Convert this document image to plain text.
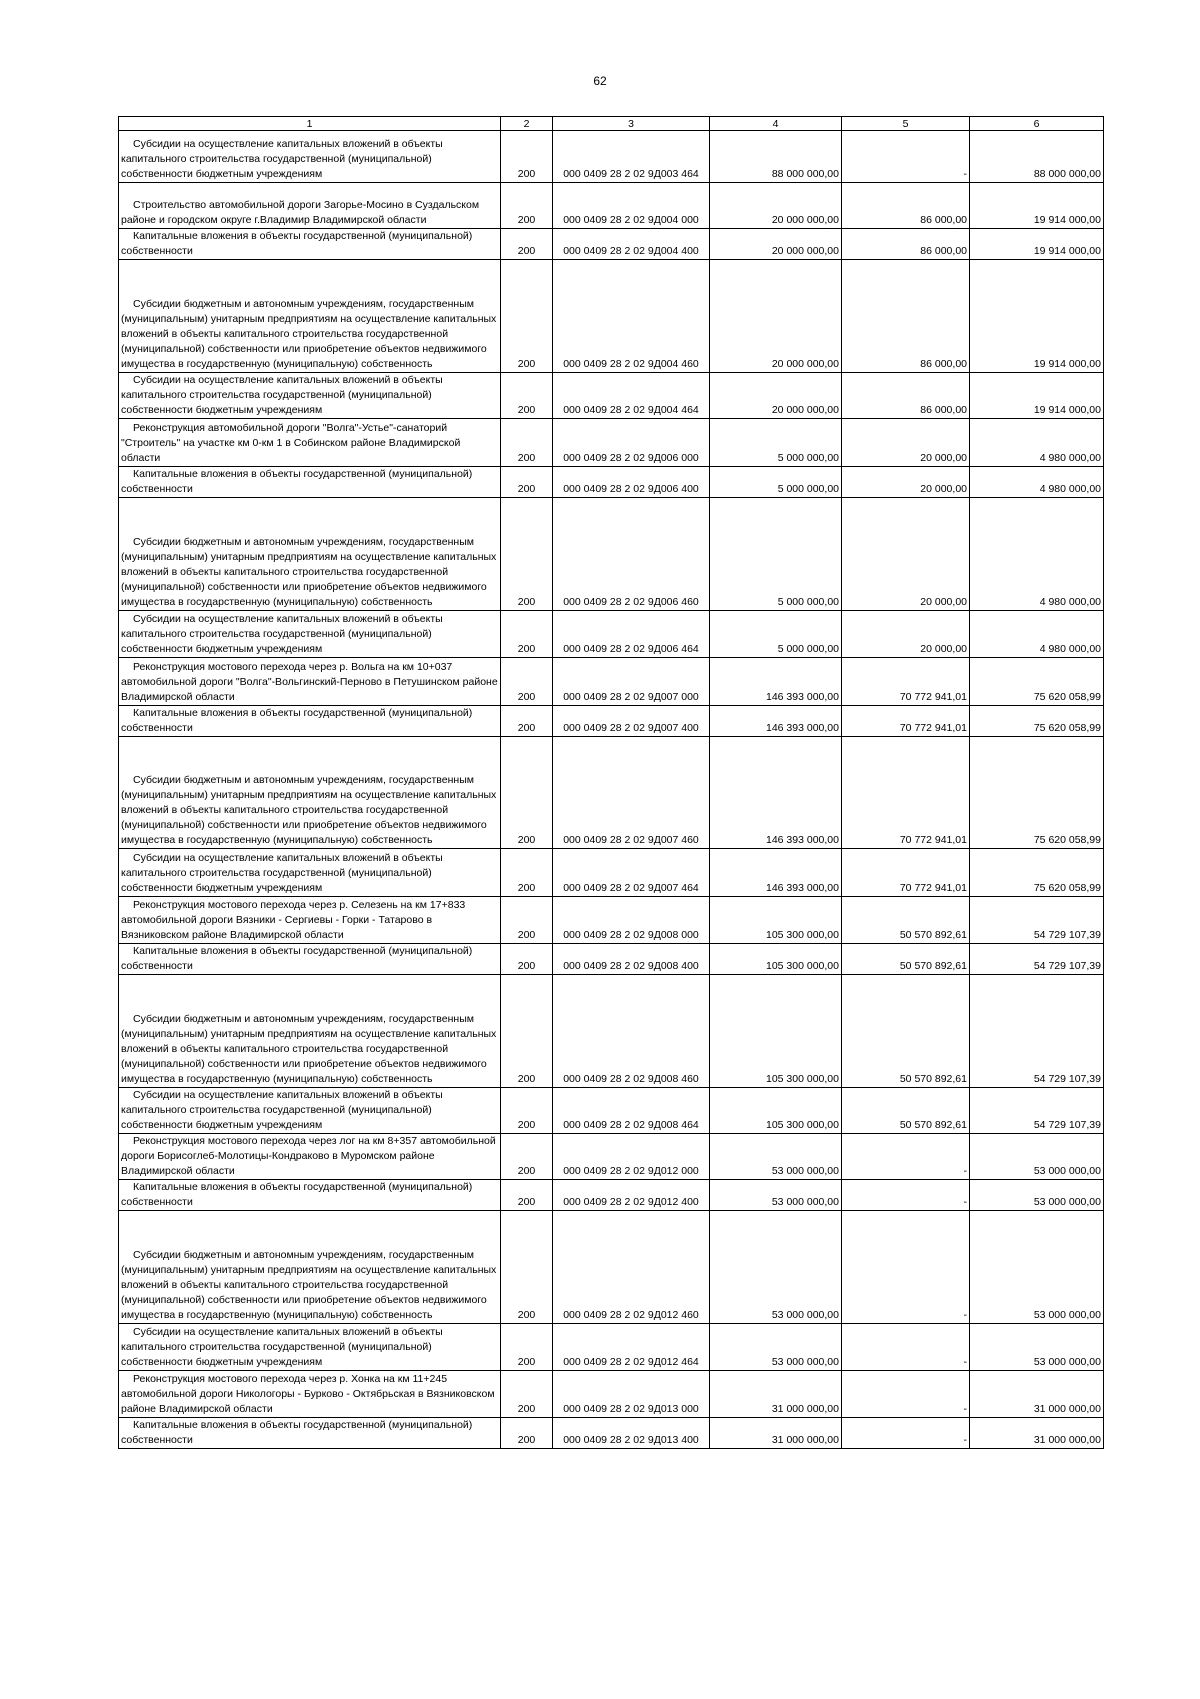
62
1	2	3	4	5	6

Субсидии на осуществление капитальных вложений в объекты капитального строительства государственной (муниципальной) собственности бюджетным учреждениям	200	000 0409 28 2 02 9Д003 464	88 000 000,00	-	88 000 000,00

Строительство автомобильной дороги Загорье-Мосино в Суздальском районе и городском округе г.Владимир Владимирской области	200	000 0409 28 2 02 9Д004 000	20 000 000,00	86 000,00	19 914 000,00

Капитальные вложения в объекты государственной (муниципальной) собственности	200	000 0409 28 2 02 9Д004 400	20 000 000,00	86 000,00	19 914 000,00

Субсидии бюджетным и автономным учреждениям, государственным (муниципальным) унитарным предприятиям на осуществление капитальных вложений в объекты капитального строительства государственной (муниципальной) собственности или приобретение объектов недвижимого имущества в государственную (муниципальную) собственность	200	000 0409 28 2 02 9Д004 460	20 000 000,00	86 000,00	19 914 000,00

Субсидии на осуществление капитальных вложений в объекты капитального строительства государственной (муниципальной) собственности бюджетным учреждениям	200	000 0409 28 2 02 9Д004 464	20 000 000,00	86 000,00	19 914 000,00

Реконструкция автомобильной дороги "Волга"-Устье"-санаторий "Строитель" на участке км 0-км 1 в Собинском районе Владимирской области	200	000 0409 28 2 02 9Д006 000	5 000 000,00	20 000,00	4 980 000,00

Капитальные вложения в объекты государственной (муниципальной) собственности	200	000 0409 28 2 02 9Д006 400	5 000 000,00	20 000,00	4 980 000,00

Субсидии бюджетным и автономным учреждениям, государственным (муниципальным) унитарным предприятиям на осуществление капитальных вложений в объекты капитального строительства государственной (муниципальной) собственности или приобретение объектов недвижимого имущества в государственную (муниципальную) собственность	200	000 0409 28 2 02 9Д006 460	5 000 000,00	20 000,00	4 980 000,00

Субсидии на осуществление капитальных вложений в объекты капитального строительства государственной (муниципальной) собственности бюджетным учреждениям	200	000 0409 28 2 02 9Д006 464	5 000 000,00	20 000,00	4 980 000,00

Реконструкция мостового перехода через р. Вольга на км 10+037 автомобильной дороги "Волга"-Вольгинский-Перново в Петушинском районе Владимирской области	200	000 0409 28 2 02 9Д007 000	146 393 000,00	70 772 941,01	75 620 058,99

Капитальные вложения в объекты государственной (муниципальной) собственности	200	000 0409 28 2 02 9Д007 400	146 393 000,00	70 772 941,01	75 620 058,99

Субсидии бюджетным и автономным учреждениям, государственным (муниципальным) унитарным предприятиям на осуществление капитальных вложений в объекты капитального строительства государственной (муниципальной) собственности или приобретение объектов недвижимого имущества в государственную (муниципальную) собственность	200	000 0409 28 2 02 9Д007 460	146 393 000,00	70 772 941,01	75 620 058,99

Субсидии на осуществление капитальных вложений в объекты капитального строительства государственной (муниципальной) собственности бюджетным учреждениям	200	000 0409 28 2 02 9Д007 464	146 393 000,00	70 772 941,01	75 620 058,99

Реконструкция мостового перехода через р. Селезень на км 17+833 автомобильной дороги Вязники - Сергиевы - Горки - Татарово в Вязниковском районе Владимирской области	200	000 0409 28 2 02 9Д008 000	105 300 000,00	50 570 892,61	54 729 107,39

Капитальные вложения в объекты государственной (муниципальной) собственности	200	000 0409 28 2 02 9Д008 400	105 300 000,00	50 570 892,61	54 729 107,39

Субсидии бюджетным и автономным учреждениям, государственным (муниципальным) унитарным предприятиям на осуществление капитальных вложений в объекты капитального строительства государственной (муниципальной) собственности или приобретение объектов недвижимого имущества в государственную (муниципальную) собственность	200	000 0409 28 2 02 9Д008 460	105 300 000,00	50 570 892,61	54 729 107,39

Субсидии на осуществление капитальных вложений в объекты капитального строительства государственной (муниципальной) собственности бюджетным учреждениям	200	000 0409 28 2 02 9Д008 464	105 300 000,00	50 570 892,61	54 729 107,39

Реконструкция мостового перехода через лог на км 8+357 автомобильной дороги Борисоглеб-Молотицы-Кондраково в Муромском районе Владимирской области	200	000 0409 28 2 02 9Д012 000	53 000 000,00	-	53 000 000,00

Капитальные вложения в объекты государственной (муниципальной) собственности	200	000 0409 28 2 02 9Д012 400	53 000 000,00	-	53 000 000,00

Субсидии бюджетным и автономным учреждениям, государственным (муниципальным) унитарным предприятиям на осуществление капитальных вложений в объекты капитального строительства государственной (муниципальной) собственности или приобретение объектов недвижимого имущества в государственную (муниципальную) собственность	200	000 0409 28 2 02 9Д012 460	53 000 000,00	-	53 000 000,00

Субсидии на осуществление капитальных вложений в объекты капитального строительства государственной (муниципальной) собственности бюджетным учреждениям	200	000 0409 28 2 02 9Д012 464	53 000 000,00	-	53 000 000,00

Реконструкция мостового перехода через р. Хонка на км 11+245 автомобильной дороги Никологоры - Бурково - Октябрьская в Вязниковском районе Владимирской области	200	000 0409 28 2 02 9Д013 000	31 000 000,00	-	31 000 000,00

Капитальные вложения в объекты государственной (муниципальной) собственности	200	000 0409 28 2 02 9Д013 400	31 000 000,00	-	31 000 000,00
